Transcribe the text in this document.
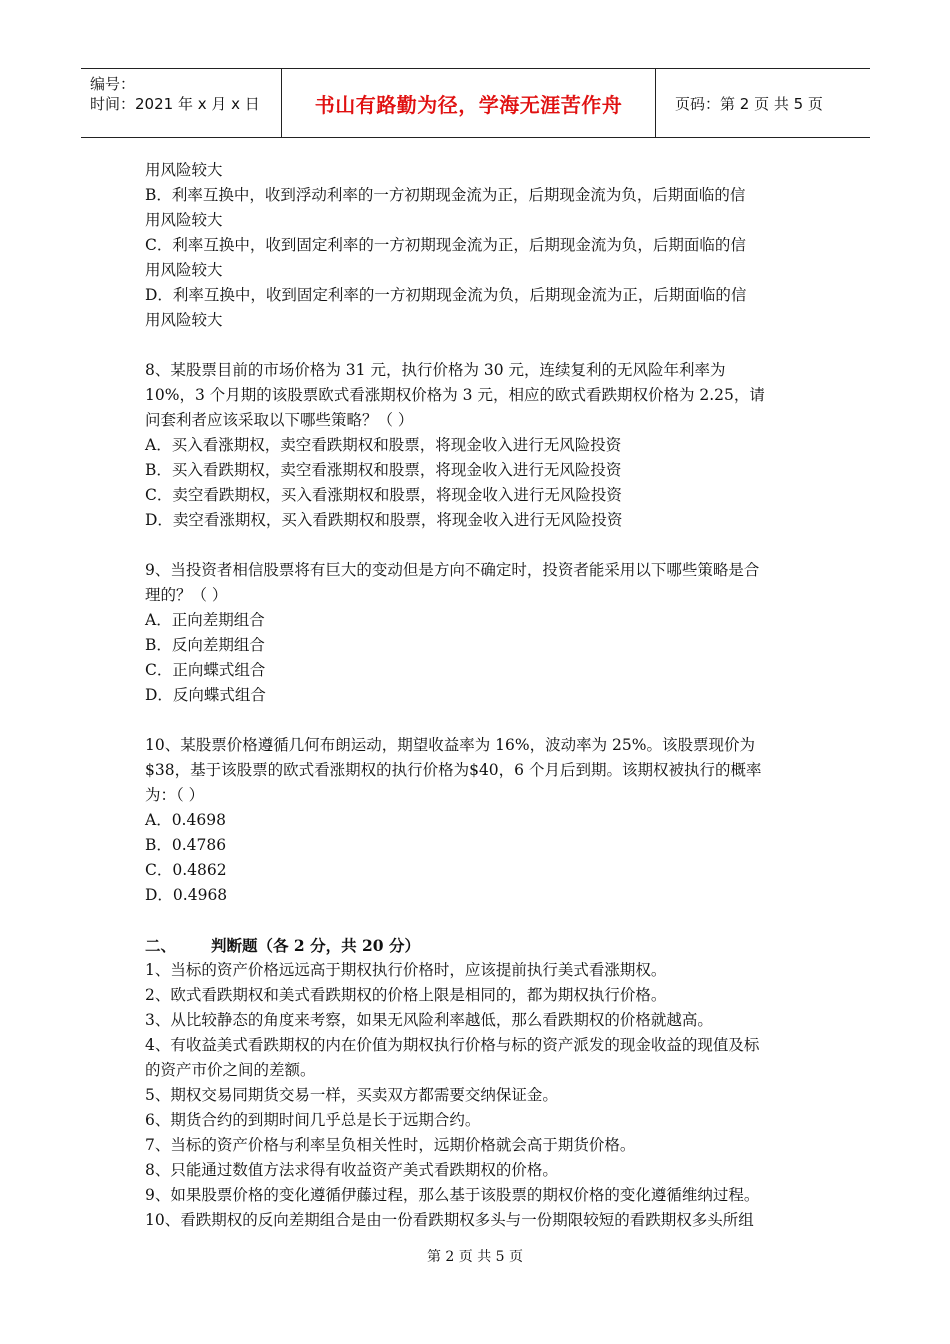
编号：
时间：2021 年 x 月 x 日	书山有路勤为径，学海无涯苦作舟	页码：第 2 页 共 5 页
用风险较大
B．利率互换中，收到浮动利率的一方初期现金流为正，后期现金流为负，后期面临的信
用风险较大
C．利率互换中，收到固定利率的一方初期现金流为正，后期现金流为负，后期面临的信
用风险较大
D．利率互换中，收到固定利率的一方初期现金流为负，后期现金流为正，后期面临的信
用风险较大
8、某股票目前的市场价格为 31 元，执行价格为 30 元，连续复利的无风险年利率为
10%，3 个月期的该股票欧式看涨期权价格为 3 元，相应的欧式看跌期权价格为 2.25，请
问套利者应该采取以下哪些策略？（ ）
A．买入看涨期权，卖空看跌期权和股票，将现金收入进行无风险投资
B．买入看跌期权，卖空看涨期权和股票，将现金收入进行无风险投资
C．卖空看跌期权，买入看涨期权和股票，将现金收入进行无风险投资
D．卖空看涨期权，买入看跌期权和股票，将现金收入进行无风险投资
9、当投资者相信股票将有巨大的变动但是方向不确定时，投资者能采用以下哪些策略是合
理的？（ ）
A．正向差期组合
B．反向差期组合
C．正向蝶式组合
D．反向蝶式组合
10、某股票价格遵循几何布朗运动，期望收益率为 16%，波动率为 25%。该股票现价为
$38，基于该股票的欧式看涨期权的执行价格为$40，6 个月后到期。该期权被执行的概率
为：（ ）
A．0.4698
B．0.4786
C．0.4862
D．0.4968
二、 判断题（各 2 分，共 20 分）
1、当标的资产价格远远高于期权执行价格时，应该提前执行美式看涨期权。
2、欧式看跌期权和美式看跌期权的价格上限是相同的，都为期权执行价格。
3、从比较静态的角度来考察，如果无风险利率越低，那么看跌期权的价格就越高。
4、有收益美式看跌期权的内在价值为期权执行价格与标的资产派发的现金收益的现值及标
的资产市价之间的差额。
5、期权交易同期货交易一样，买卖双方都需要交纳保证金。
6、期货合约的到期时间几乎总是长于远期合约。
7、当标的资产价格与利率呈负相关性时，远期价格就会高于期货价格。
8、只能通过数值方法求得有收益资产美式看跌期权的价格。
9、如果股票价格的变化遵循伊藤过程，那么基于该股票的期权价格的变化遵循维纳过程。
10、看跌期权的反向差期组合是由一份看跌期权多头与一份期限较短的看跌期权多头所组
第 2 页 共 5 页
